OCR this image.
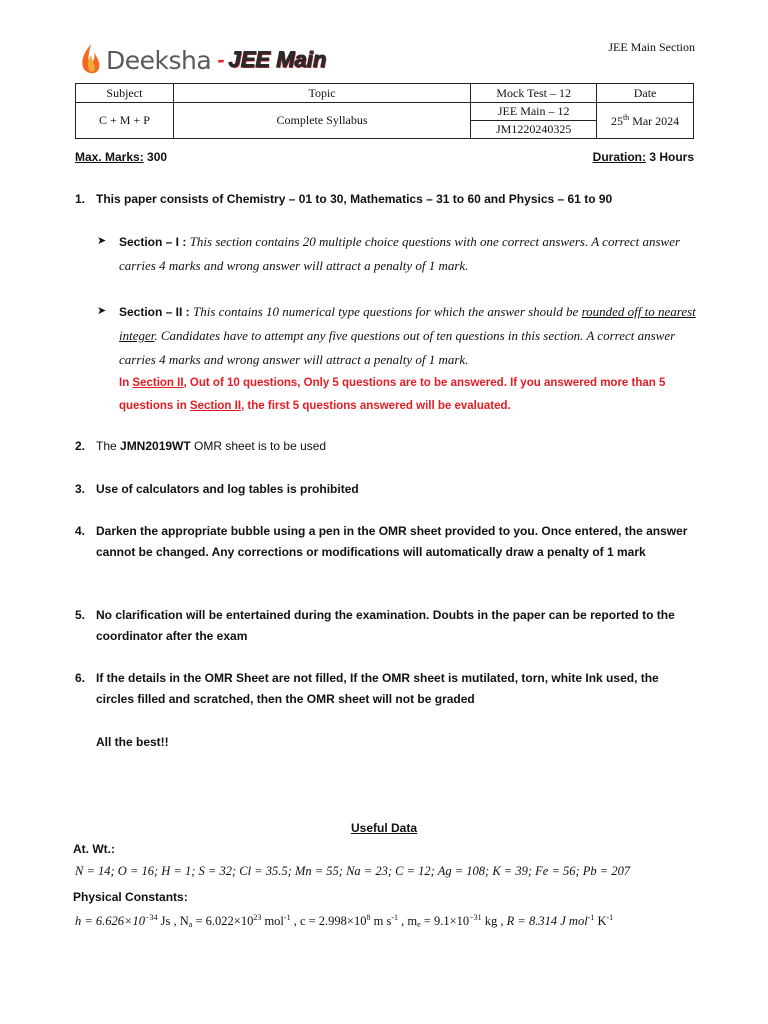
JEE Main Section
Deeksha - JEE Main
Subject	Topic	Mock Test – 12	Date
C + M + P	Complete Syllabus	JEE Main – 12	25th Mar 2024
		JM1220240325	
Max. Marks: 300	Duration: 3 Hours
1. This paper consists of Chemistry – 01 to 30, Mathematics – 31 to 60 and Physics – 61 to 90
➤ Section – I : This section contains 20 multiple choice questions with one correct answers. A correct answer carries 4 marks and wrong answer will attract a penalty of 1 mark.
➤ Section – II : This contains 10 numerical type questions for which the answer should be rounded off to nearest integer. Candidates have to attempt any five questions out of ten questions in this section. A correct answer carries 4 marks and wrong answer will attract a penalty of 1 mark.
In Section II, Out of 10 questions, Only 5 questions are to be answered. If you answered more than 5 questions in Section II, the first 5 questions answered will be evaluated.
2. The JMN2019WT OMR sheet is to be used
3. Use of calculators and log tables is prohibited
4. Darken the appropriate bubble using a pen in the OMR sheet provided to you. Once entered, the answer cannot be changed. Any corrections or modifications will automatically draw a penalty of 1 mark
5. No clarification will be entertained during the examination. Doubts in the paper can be reported to the coordinator after the exam
6. If the details in the OMR Sheet are not filled, If the OMR sheet is mutilated, torn, white Ink used, the circles filled and scratched, then the OMR sheet will not be graded
All the best!!
Useful Data
At. Wt.:
N = 14; O = 16; H = 1; S = 32; Cl = 35.5; Mn = 55; Na = 23; C = 12; Ag = 108; K = 39; Fe = 56; Pb = 207
Physical Constants:
$h = 6.626\times 10^{-34}$ Js , $N_a = 6.022\times 10^{23}$ mol$^{-1}$ , $c = 2.998\times 10^8$ m $s^{-1}$ , $m_e = 9.1\times 10^{-31}$ kg , R = 8.314 J mol$^{-1}$ $K^{-1}$
